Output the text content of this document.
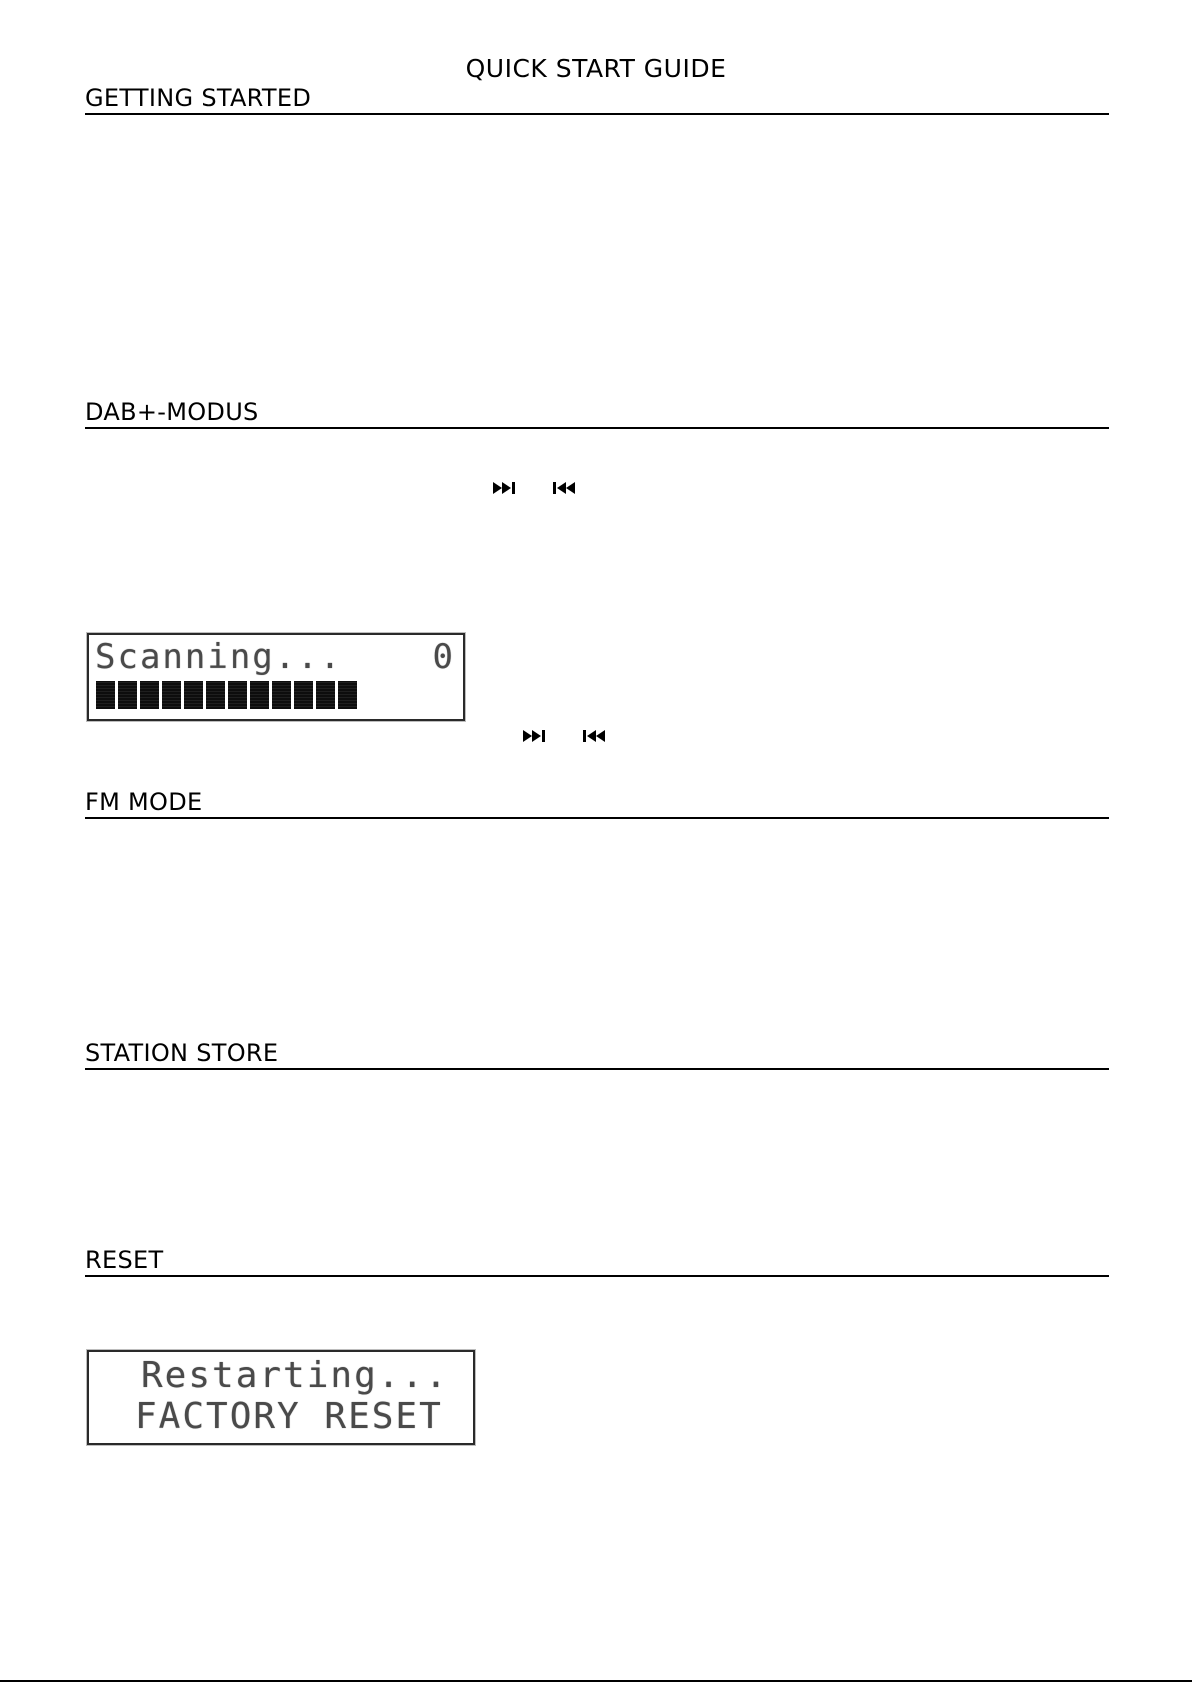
QUICK START GUIDE
GETTING STARTED
DAB+-MODUS
Scanning...	0
FM MODE
STATION STORE
RESET
Restarting...
FACTORY RESET
